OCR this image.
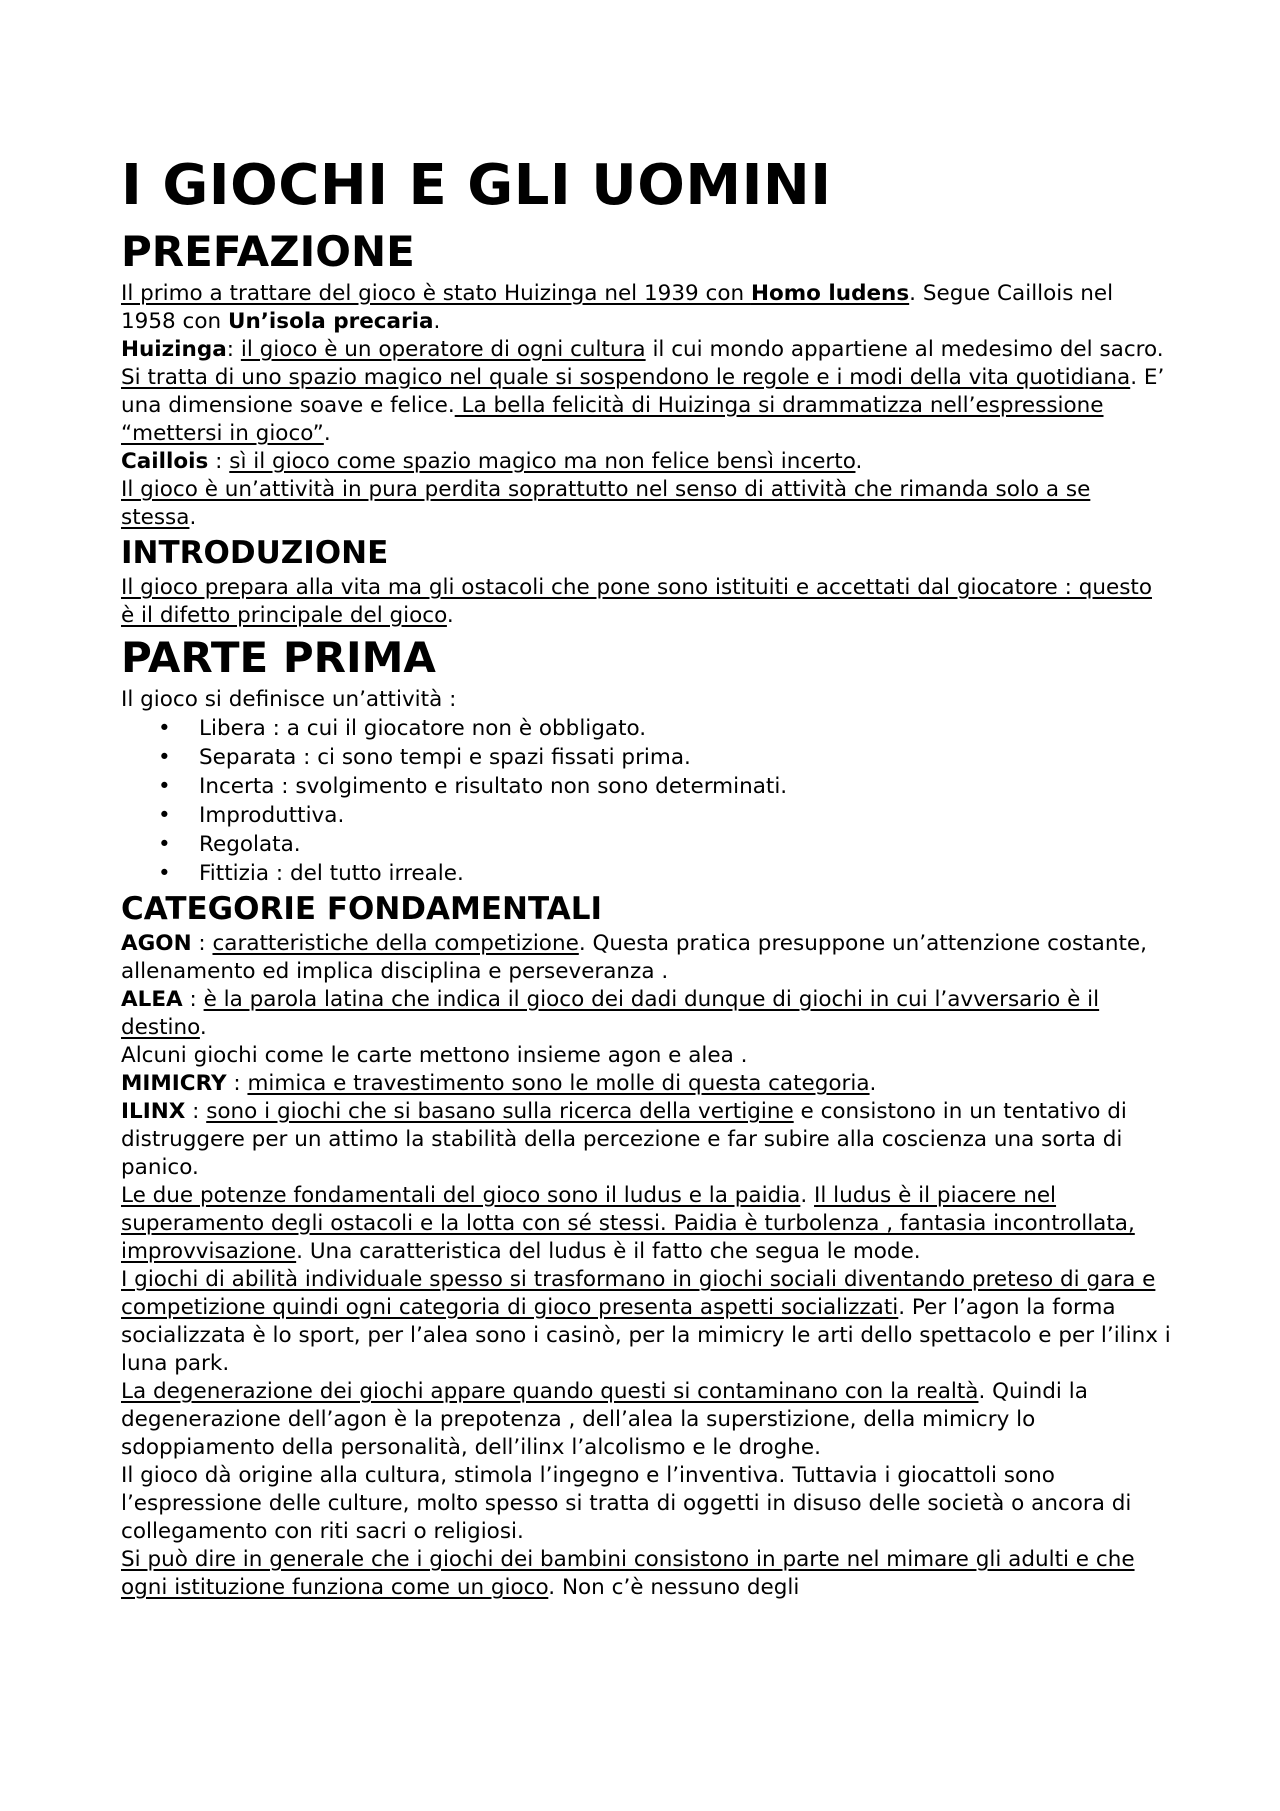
I GIOCHI E GLI UOMINI
PREFAZIONE

Il primo a trattare del gioco è stato Huizinga nel 1939 con Homo ludens. Segue Caillois nel 1958 con Un’isola precaria.

Huizinga: il gioco è un operatore di ogni cultura il cui mondo appartiene al medesimo del sacro.

Si tratta di uno spazio magico nel quale si sospendono le regole e i modi della vita quotidiana. E’ una dimensione soave e felice. La bella felicità di Huizinga si drammatizza nell’espressione “mettersi in gioco”.

Caillois : sì il gioco come spazio magico ma non felice bensì incerto.

Il gioco è un’attività in pura perdita soprattutto nel senso di attività che rimanda solo a se stessa.

INTRODUZIONE

Il gioco prepara alla vita ma gli ostacoli che pone sono istituiti e accettati dal giocatore : questo è il difetto principale del gioco.

PARTE PRIMA

Il gioco si definisce un’attività :

• Libera : a cui il giocatore non è obbligato.
• Separata : ci sono tempi e spazi fissati prima.
• Incerta : svolgimento e risultato non sono determinati.
• Improduttiva.
• Regolata.
• Fittizia : del tutto irreale.
CATEGORIE FONDAMENTALI

AGON : caratteristiche della competizione. Questa pratica presuppone un’attenzione costante, allenamento ed implica disciplina e perseveranza .

ALEA : è la parola latina che indica il gioco dei dadi dunque di giochi in cui l’avversario è il destino.

Alcuni giochi come le carte mettono insieme agon e alea .

MIMICRY : mimica e travestimento sono le molle di questa categoria.

ILINX : sono i giochi che si basano sulla ricerca della vertigine e consistono in un tentativo di distruggere per un attimo la stabilità della percezione e far subire alla coscienza una sorta di panico.

Le due potenze fondamentali del gioco sono il ludus e la paidia. Il ludus è il piacere nel superamento degli ostacoli e la lotta con sé stessi. Paidia è turbolenza , fantasia incontrollata, improvvisazione. Una caratteristica del ludus è il fatto che segua le mode.

I giochi di abilità individuale spesso si trasformano in giochi sociali diventando preteso di gara e competizione quindi ogni categoria di gioco presenta aspetti socializzati. Per l’agon la forma socializzata è lo sport, per l’alea sono i casinò, per la mimicry le arti dello spettacolo e per l’ilinx i luna park.

La degenerazione dei giochi appare quando questi si contaminano con la realtà. Quindi la degenerazione dell’agon è la prepotenza , dell’alea la superstizione, della mimicry lo sdoppiamento della personalità, dell’ilinx l’alcolismo e le droghe.

Il gioco dà origine alla cultura, stimola l’ingegno e l’inventiva. Tuttavia i giocattoli sono l’espressione delle culture, molto spesso si tratta di oggetti in disuso delle società o ancora di collegamento con riti sacri o religiosi.

Si può dire in generale che i giochi dei bambini consistono in parte nel mimare gli adulti e che ogni istituzione funziona come un gioco. Non c’è nessuno degli
